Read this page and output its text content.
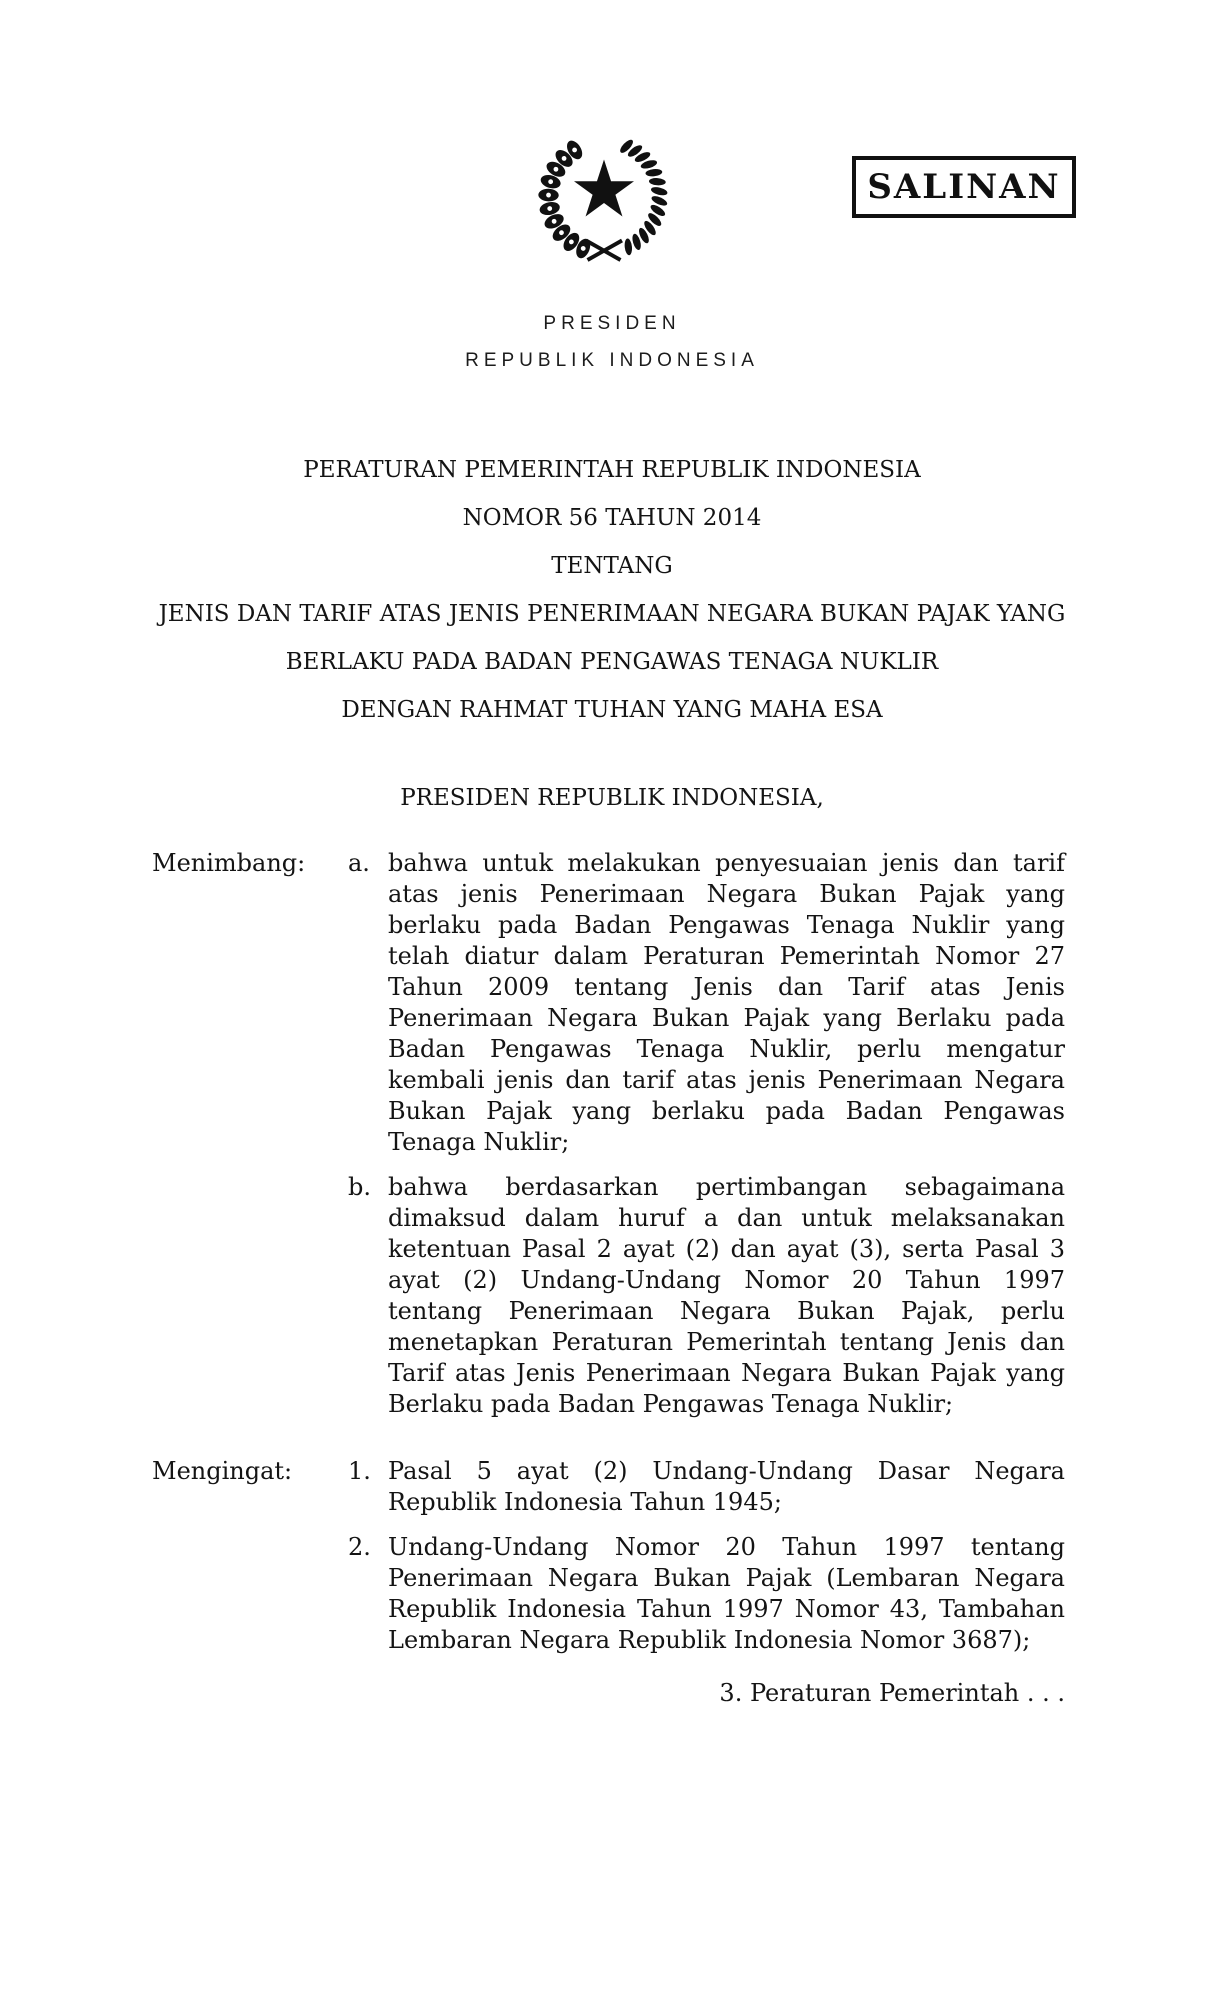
SALINAN
PRESIDEN
REPUBLIK INDONESIA
PERATURAN PEMERINTAH REPUBLIK INDONESIA
NOMOR 56 TAHUN 2014
TENTANG
JENIS DAN TARIF ATAS JENIS PENERIMAAN NEGARA BUKAN PAJAK YANG
BERLAKU PADA BADAN PENGAWAS TENAGA NUKLIR
DENGAN RAHMAT TUHAN YANG MAHA ESA
PRESIDEN REPUBLIK INDONESIA,
Menimbang:	a. bahwa untuk melakukan penyesuaian jenis dan tarif atas jenis Penerimaan Negara Bukan Pajak yang berlaku pada Badan Pengawas Tenaga Nuklir yang telah diatur dalam Peraturan Pemerintah Nomor 27 Tahun 2009 tentang Jenis dan Tarif atas Jenis Penerimaan Negara Bukan Pajak yang Berlaku pada Badan Pengawas Tenaga Nuklir, perlu mengatur kembali jenis dan tarif atas jenis Penerimaan Negara Bukan Pajak yang berlaku pada Badan Pengawas Tenaga Nuklir;
b. bahwa berdasarkan pertimbangan sebagaimana dimaksud dalam huruf a dan untuk melaksanakan ketentuan Pasal 2 ayat (2) dan ayat (3), serta Pasal 3 ayat (2) Undang-Undang Nomor 20 Tahun 1997 tentang Penerimaan Negara Bukan Pajak, perlu menetapkan Peraturan Pemerintah tentang Jenis dan Tarif atas Jenis Penerimaan Negara Bukan Pajak yang Berlaku pada Badan Pengawas Tenaga Nuklir;
Mengingat:	1. Pasal 5 ayat (2) Undang-Undang Dasar Negara Republik Indonesia Tahun 1945;
2. Undang-Undang Nomor 20 Tahun 1997 tentang Penerimaan Negara Bukan Pajak (Lembaran Negara Republik Indonesia Tahun 1997 Nomor 43, Tambahan Lembaran Negara Republik Indonesia Nomor 3687);
3. Peraturan Pemerintah . . .
